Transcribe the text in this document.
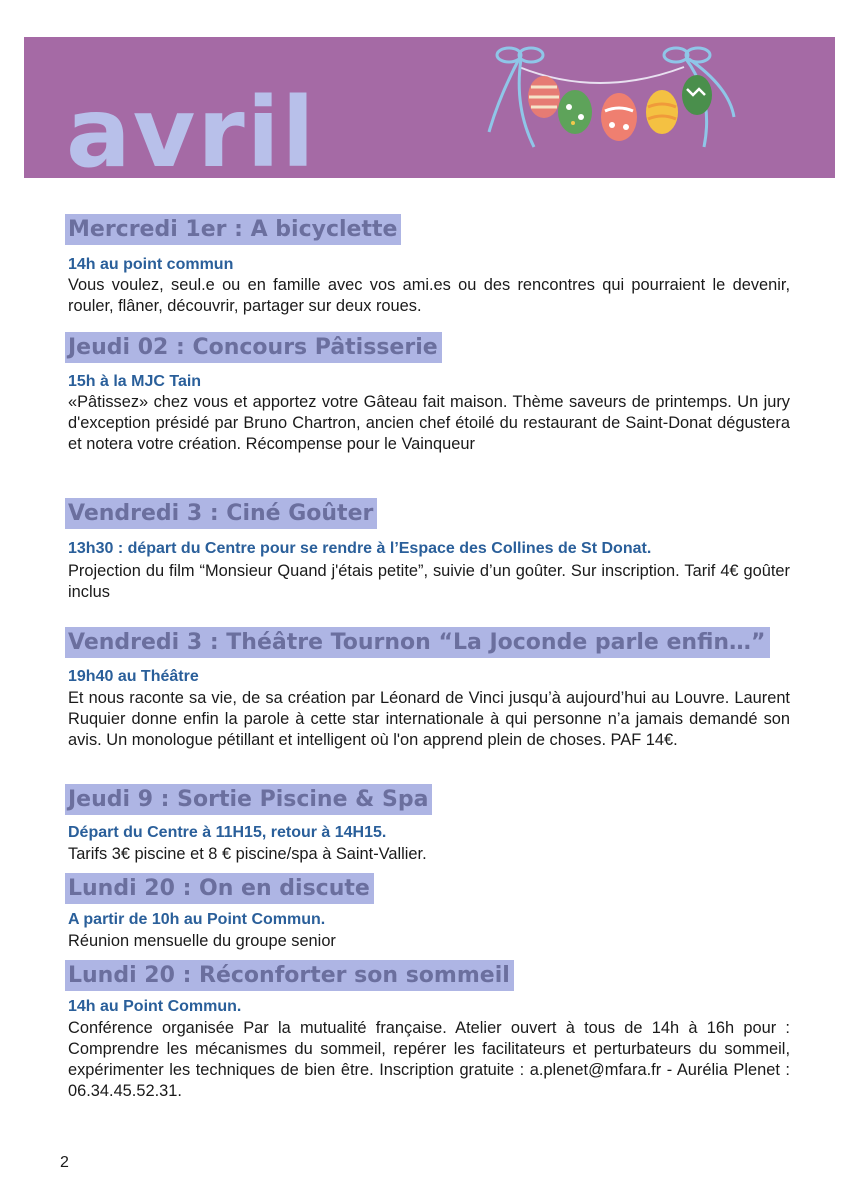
avril
Mercredi 1er : A bicyclette
14h au point commun
Vous voulez, seul.e ou en famille avec vos ami.es ou des rencontres qui pourraient le devenir, rouler, flâner, découvrir, partager sur deux roues.
Jeudi 02 : Concours Pâtisserie
15h à la MJC Tain
«Pâtissez» chez vous et apportez votre Gâteau fait maison. Thème saveurs de printemps. Un jury d'exception présidé par Bruno Chartron, ancien chef étoilé du restaurant de Saint-Donat dégustera et notera votre création. Récompense pour le Vainqueur
Vendredi 3 : Ciné Goûter
13h30 : départ du Centre pour se rendre à l’Espace des Collines de St Donat.
Projection du film “Monsieur Quand j'étais petite”, suivie d’un goûter. Sur inscription. Tarif 4€ goûter inclus
Vendredi 3 : Théâtre Tournon “La Joconde parle enfin…”
19h40 au Théâtre
Et nous raconte sa vie, de sa création par Léonard de Vinci jusqu’à aujourd’hui au Louvre. Laurent Ruquier donne enfin la parole à cette star internationale à qui personne n’a jamais demandé son avis. Un monologue pétillant et intelligent où l'on apprend plein de choses. PAF 14€.
Jeudi 9 : Sortie Piscine & Spa
Départ du Centre à 11H15, retour à 14H15.
Tarifs 3€ piscine et 8 € piscine/spa à Saint-Vallier.
Lundi 20 : On en discute
A partir de 10h au Point Commun.
Réunion mensuelle du groupe senior
Lundi 20 : Réconforter son sommeil
14h au Point Commun.
Conférence organisée Par la mutualité française. Atelier ouvert à tous de 14h à 16h pour : Comprendre les mécanismes du sommeil, repérer les facilitateurs et perturbateurs du sommeil, expérimenter les techniques de bien être. Inscription gratuite : a.plenet@mfara.fr - Aurélia Plenet : 06.34.45.52.31.
2
